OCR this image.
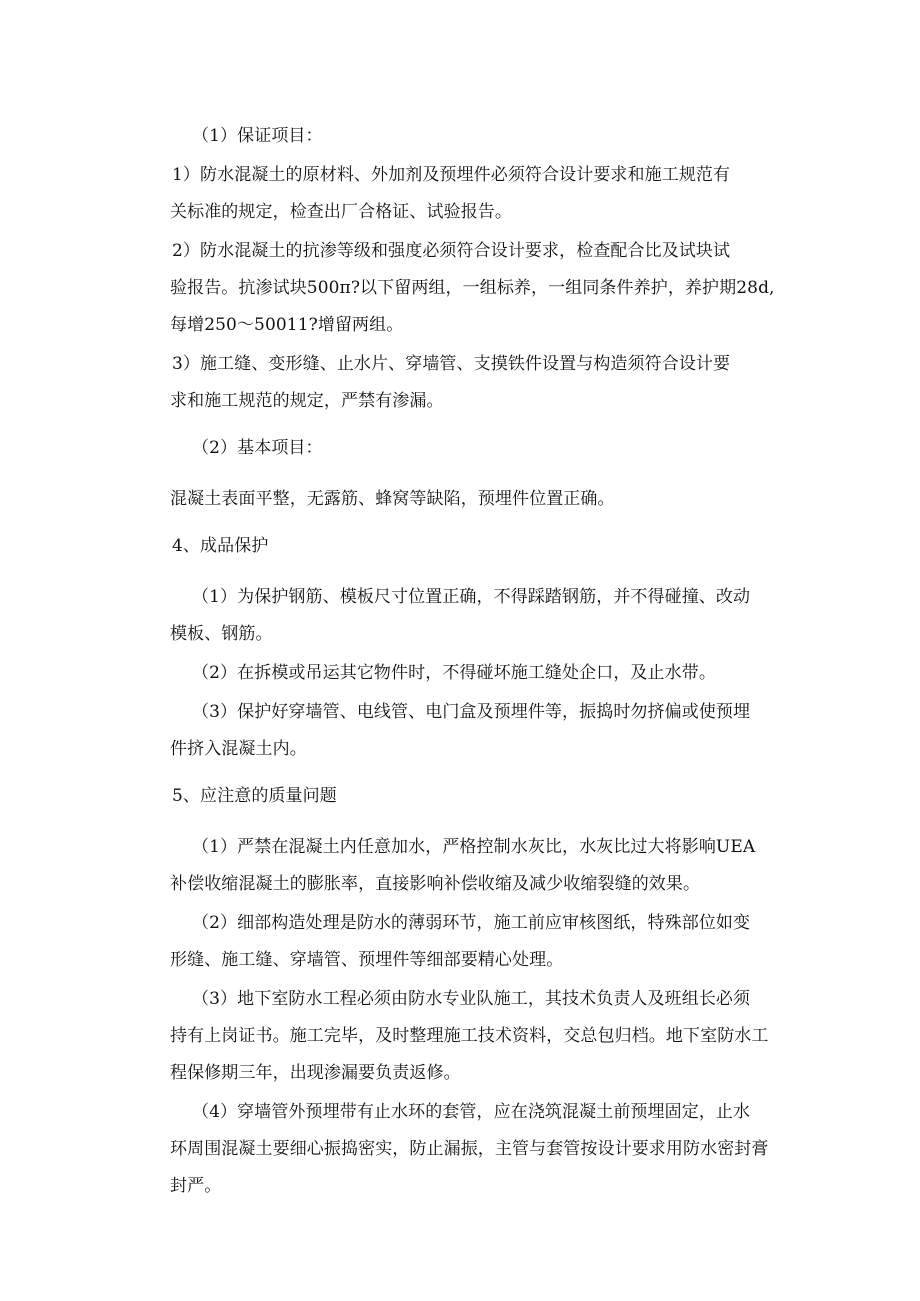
（1）保证项目：

1）防水混凝土的原材料、外加剂及预埋件必须符合设计要求和施工规范有

关标准的规定，检查出厂合格证、试验报告。

2）防水混凝土的抗渗等级和强度必须符合设计要求，检查配合比及试块试

验报告。抗渗试块500π?以下留两组，一组标养，一组同条件养护，养护期28d,

每增250～50011?增留两组。

3）施工缝、变形缝、止水片、穿墙管、支摸铁件设置与构造须符合设计要

求和施工规范的规定，严禁有渗漏。

（2）基本项目：

混凝土表面平整，无露筋、蜂窝等缺陷，预埋件位置正确。

4、成品保护

（1）为保护钢筋、模板尺寸位置正确，不得踩踏钢筋，并不得碰撞、改动

模板、钢筋。

（2）在拆模或吊运其它物件时，不得碰坏施工缝处企口，及止水带。

（3）保护好穿墙管、电线管、电门盒及预埋件等，振捣时勿挤偏或使预埋

件挤入混凝土内。

5、应注意的质量问题

（1）严禁在混凝土内任意加水，严格控制水灰比，水灰比过大将影响UEA

补偿收缩混凝土的膨胀率，直接影响补偿收缩及减少收缩裂缝的效果。

（2）细部构造处理是防水的薄弱环节，施工前应审核图纸，特殊部位如变

形缝、施工缝、穿墙管、预埋件等细部要精心处理。

（3）地下室防水工程必须由防水专业队施工，其技术负责人及班组长必须

持有上岗证书。施工完毕，及时整理施工技术资料，交总包归档。地下室防水工

程保修期三年，出现渗漏要负责返修。

（4）穿墙管外预埋带有止水环的套管，应在浇筑混凝土前预埋固定，止水

环周围混凝土要细心振捣密实，防止漏振，主管与套管按设计要求用防水密封膏

封严。
